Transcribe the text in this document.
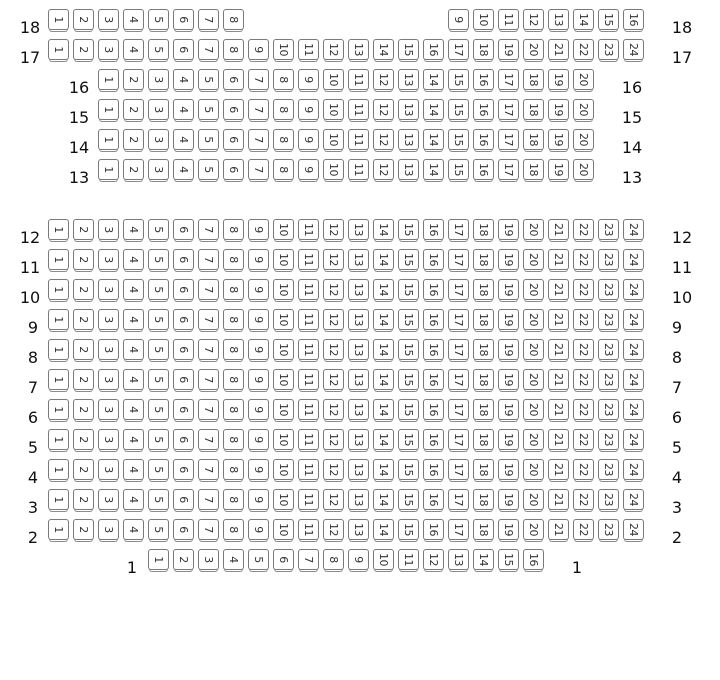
18	18
1 2 3 4 5 6 7 8	9 10 11 12 13 14 15 16
17	17
1 2 3 4 5 6 7 8 9 10 11 12 13 14 15 16 17 18 19 20 21 22 23 24
16	16
1 2 3 4 5 6 7 8 9 10 11 12 13 14 15 16 17 18 19 20
15	15
1 2 3 4 5 6 7 8 9 10 11 12 13 14 15 16 17 18 19 20
14	14
1 2 3 4 5 6 7 8 9 10 11 12 13 14 15 16 17 18 19 20
13	13
1 2 3 4 5 6 7 8 9 10 11 12 13 14 15 16 17 18 19 20
12	12
1 2 3 4 5 6 7 8 9 10 11 12 13 14 15 16 17 18 19 20 21 22 23 24
11	11
1 2 3 4 5 6 7 8 9 10 11 12 13 14 15 16 17 18 19 20 21 22 23 24
10	10
1 2 3 4 5 6 7 8 9 10 11 12 13 14 15 16 17 18 19 20 21 22 23 24
9	9
1 2 3 4 5 6 7 8 9 10 11 12 13 14 15 16 17 18 19 20 21 22 23 24
8	8
1 2 3 4 5 6 7 8 9 10 11 12 13 14 15 16 17 18 19 20 21 22 23 24
7	7
1 2 3 4 5 6 7 8 9 10 11 12 13 14 15 16 17 18 19 20 21 22 23 24
6	6
1 2 3 4 5 6 7 8 9 10 11 12 13 14 15 16 17 18 19 20 21 22 23 24
5	5
1 2 3 4 5 6 7 8 9 10 11 12 13 14 15 16 17 18 19 20 21 22 23 24
4	4
1 2 3 4 5 6 7 8 9 10 11 12 13 14 15 16 17 18 19 20 21 22 23 24
3	3
1 2 3 4 5 6 7 8 9 10 11 12 13 14 15 16 17 18 19 20 21 22 23 24
2	2
1 2 3 4 5 6 7 8 9 10 11 12 13 14 15 16 17 18 19 20 21 22 23 24
1	1
1 2 3 4 5 6 7 8 9 10 11 12 13 14 15 16
